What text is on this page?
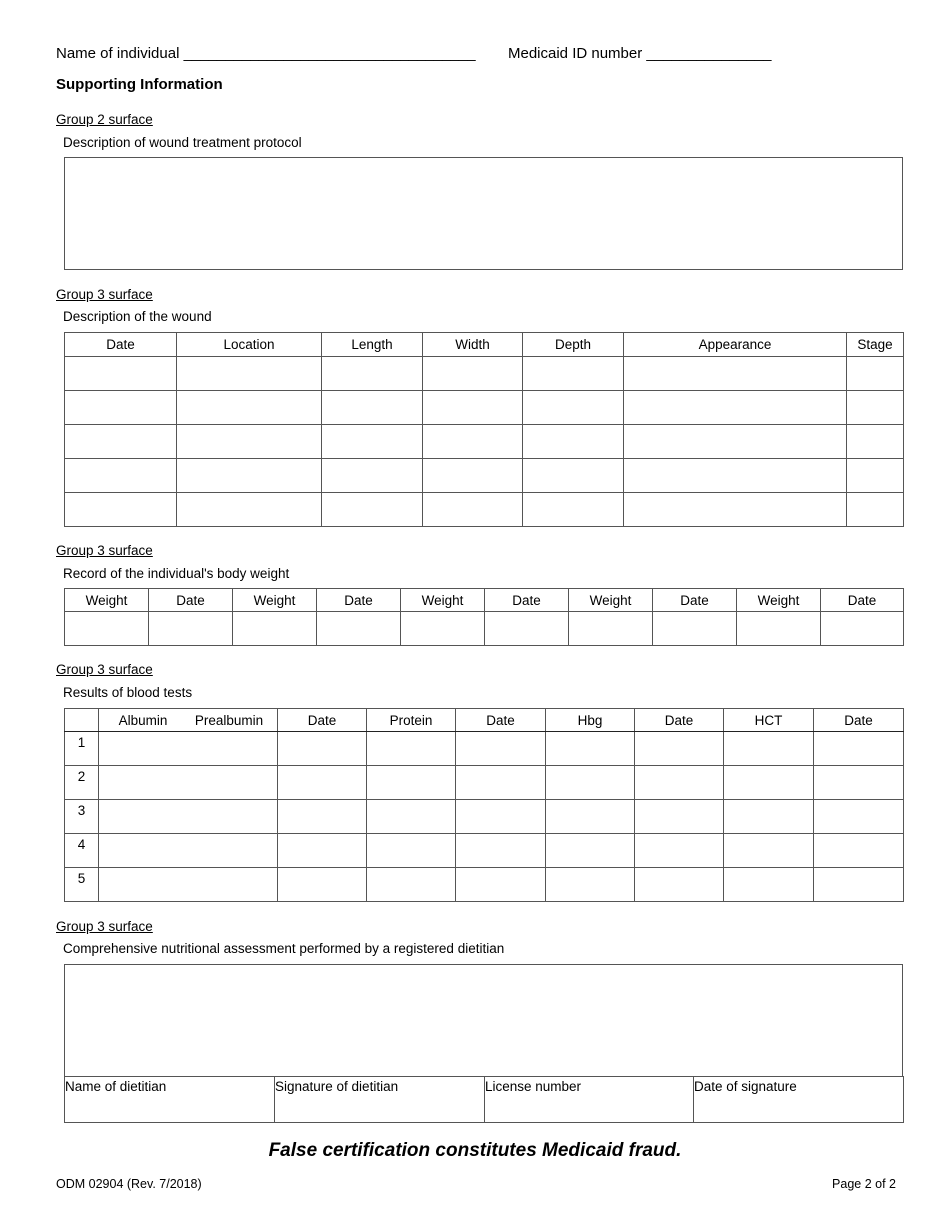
Name of individual ___________________________________ Medicaid ID number _______________
Supporting Information
Group 2 surface
Description of wound treatment protocol
Group 3 surface
Description of the wound
Date	Location	Length	Width	Depth	Appearance	Stage

Group 3 surface
Record of the individual's body weight
Weight	Date	Weight	Date	Weight	Date	Weight	Date	Weight	Date

Group 3 surface
Results of blood tests
	Albumin Prealbumin	Date	Protein	Date	Hbg	Date	HCT	Date
1								
2								
3								
4								
5								
Group 3 surface
Comprehensive nutritional assessment performed by a registered dietitian
Name of dietitian	Signature of dietitian	License number	Date of signature
False certification constitutes Medicaid fraud.
ODM 02904 (Rev. 7/2018)	Page 2 of 2
